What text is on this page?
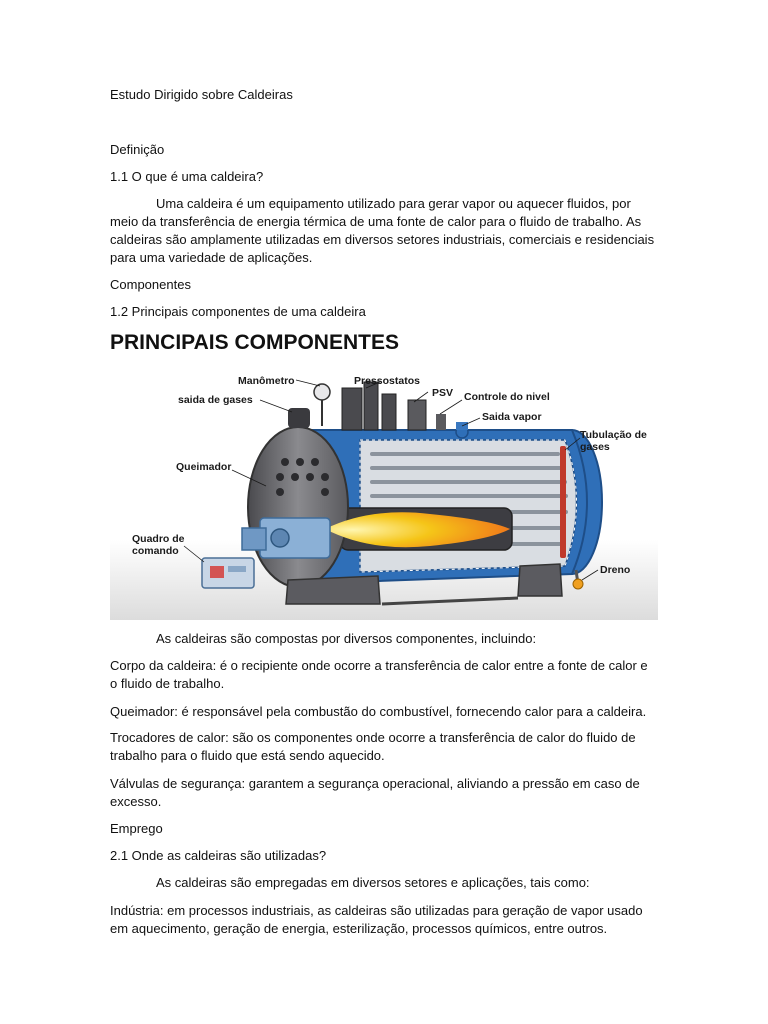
Estudo Dirigido sobre Caldeiras

Definição

1.1 O que é uma caldeira?

Uma caldeira é um equipamento utilizado para gerar vapor ou aquecer fluidos, por meio da transferência de energia térmica de uma fonte de calor para o fluido de trabalho. As caldeiras são amplamente utilizadas em diversos setores industriais, comerciais e residenciais para uma variedade de aplicações.

Componentes

1.2 Principais componentes de uma caldeira

PRINCIPAIS COMPONENTES
Manômetro	Pressostatos
saida de gases
PSV Controle do nivel
Saida vapor
Tubulação de
gases
Queimador
Quadro de
comando
Dreno

As caldeiras são compostas por diversos componentes, incluindo:

Corpo da caldeira: é o recipiente onde ocorre a transferência de calor entre a fonte de calor e o fluido de trabalho.

Queimador: é responsável pela combustão do combustível, fornecendo calor para a caldeira.

Trocadores de calor: são os componentes onde ocorre a transferência de calor do fluido de trabalho para o fluido que está sendo aquecido.

Válvulas de segurança: garantem a segurança operacional, aliviando a pressão em caso de excesso.

Emprego

2.1 Onde as caldeiras são utilizadas?

As caldeiras são empregadas em diversos setores e aplicações, tais como:

Indústria: em processos industriais, as caldeiras são utilizadas para geração de vapor usado em aquecimento, geração de energia, esterilização, processos químicos, entre outros.
